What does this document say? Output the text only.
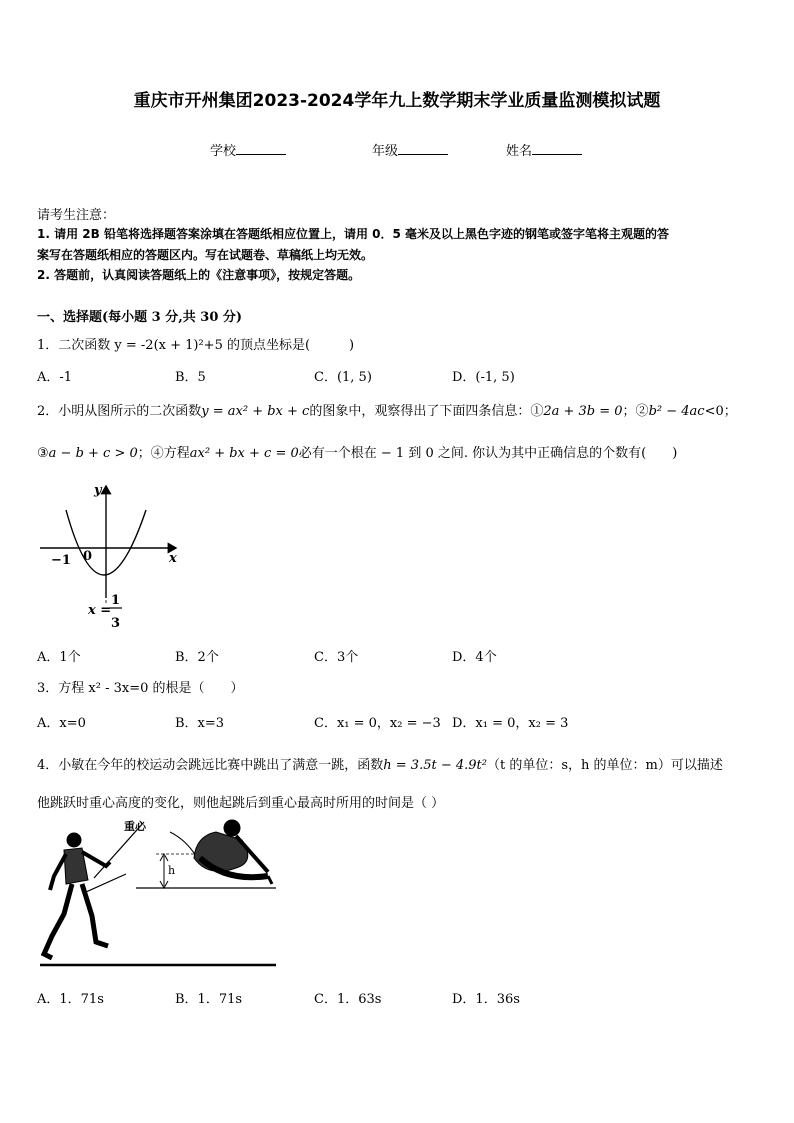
重庆市开州集团2023-2024学年九上数学期末学业质量监测模拟试题
学校	年级	姓名
请考生注意：
1. 请用 2B 铅笔将选择题答案涂填在答题纸相应位置上，请用 0．5 毫米及以上黑色字迹的钢笔或签字笔将主观题的答
案写在答题纸相应的答题区内。写在试题卷、草稿纸上均无效。
2. 答题前，认真阅读答题纸上的《注意事项》，按规定答题。
一、选择题(每小题 3 分,共 30 分)
1．二次函数 y = -2(x + 1)²+5 的顶点坐标是(　　　)
A．-1	B．5	C．(1, 5)	D．(-1, 5)
2．小明从图所示的二次函数y = ax² + bx + c的图象中，观察得出了下面四条信息：①2a + 3b = 0；②b² − 4ac<0；
③a − b + c > 0；④方程ax² + bx + c = 0必有一个根在 − 1 到 0 之间. 你认为其中正确信息的个数有(　　)
y
x
−1 0
x =
1
3
A．1个	B．2个	C．3个	D．4个
3．方程 x² - 3x=0 的根是（　　）
A．x=0	B．x=3	C．x₁ = 0，x₂ = −3 D．x₁ = 0，x₂ = 3
4．小敏在今年的校运动会跳远比赛中跳出了满意一跳，函数h = 3.5t − 4.9t²（t 的单位：s，h 的单位：m）可以描述
他跳跃时重心高度的变化，则他起跳后到重心最高时所用的时间是（ ）
h
重心
A．1．71s	B．1．71s	C．1．63s	D．1．36s
